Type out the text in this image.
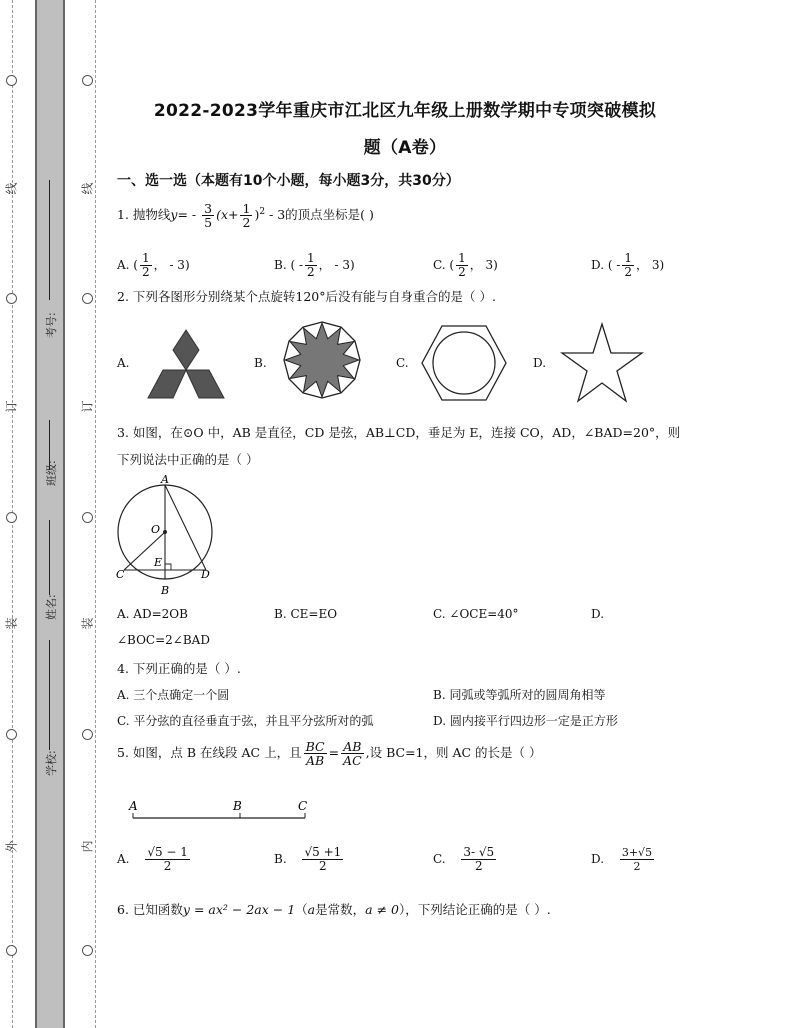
线
订
装
外
线
订
装
内
考号:
班级:
姓名:
学校:
2022-2023学年重庆市江北区九年级上册数学期中专项突破模拟
题（A卷）
一、选一选（本题有10个小题，每小题3分，共30分）
1. 抛物线$y= - \frac{3}{5} (x+ \frac{1}{2} )^2 - 3$的顶点坐标是( )
A. ( $\frac{1}{2}$ ， - 3)	B. ( - $\frac{1}{2}$ ， - 3)	C. ( $\frac{1}{2}$ ， 3)	D. ( - $\frac{1}{2}$ ， 3)
2. 下列各图形分别绕某个点旋转120°后没有能与自身重合的是（ ）.
A.	B.	C.	D.
3. 如图，在⊙O 中，AB 是直径，CD 是弦，AB⊥CD，垂足为 E，连接 CO，AD，∠BAD=20°，则
下列说法中正确的是（ ）
A
O
E
C	D
B
A. AD=2OB	B. CE=EO	C. ∠OCE=40°	D.
∠BOC=2∠BAD
4. 下列正确的是（ ）.
A. 三个点确定一个圆	B. 同弧或等弧所对的圆周角相等
C. 平分弦的直径垂直于弦，并且平分弦所对的弧	D. 圆内接平行四边形一定是正方形
5. 如图，点 B 在线段 AC 上，且 $\frac{BC}{AB} = \frac{AB}{AC}$ ,设 BC=1，则 AC 的长是（ ）
A	B	C
A. $\frac{√5 - 1}{2}$	B. $\frac{√5 +1}{2}$	C. $\frac{3- √5}{2}$	D. $\frac{3+√5}{2}$
6. 已知函数y = ax² − 2ax − 1（a是常数，a ≠ 0），下列结论正确的是（ ）.
